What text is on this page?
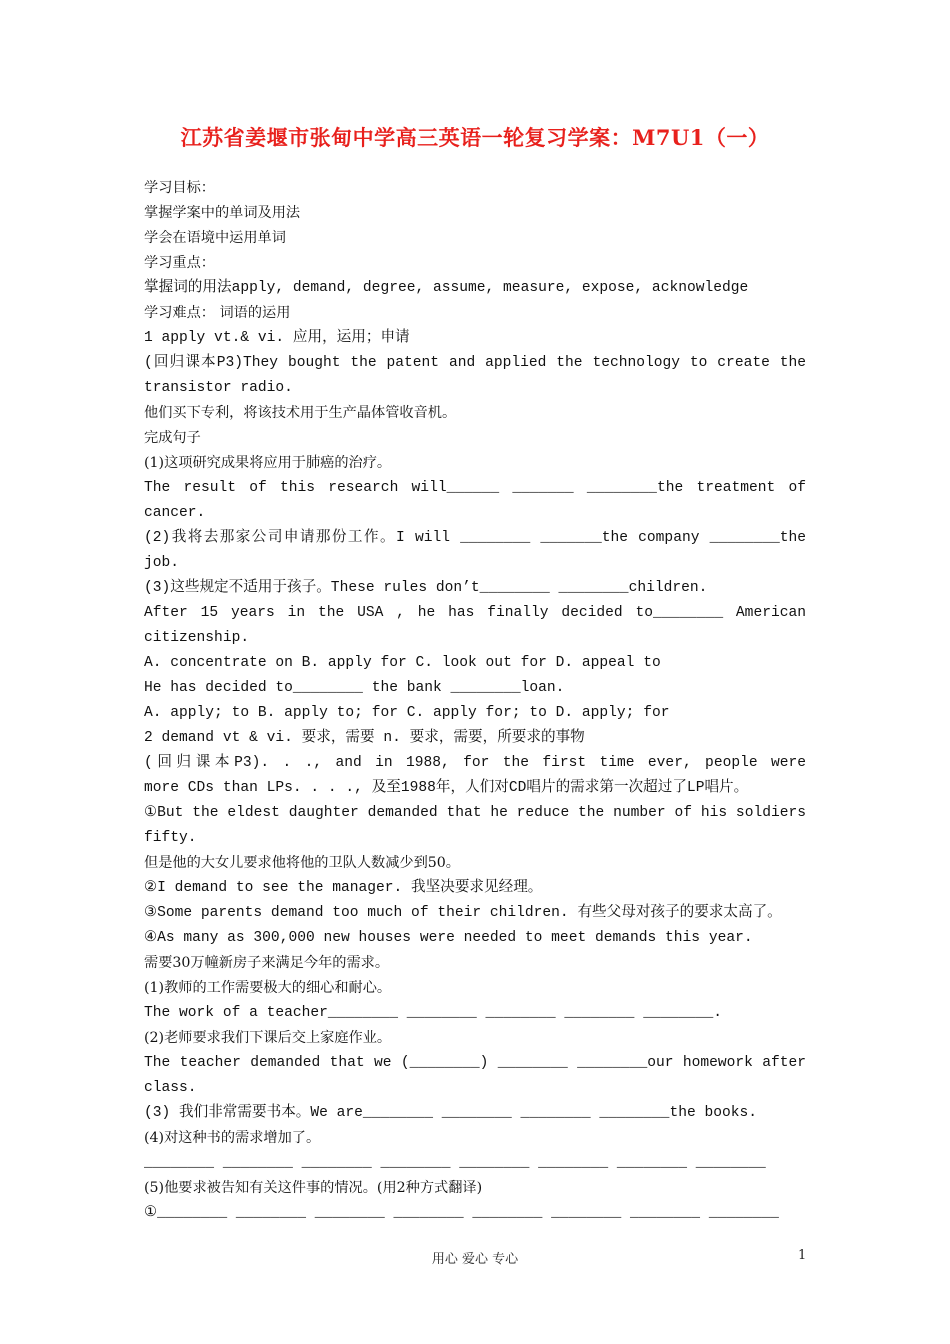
江苏省姜堰市张甸中学高三英语一轮复习学案：M7U1（一）
学习目标：
掌握学案中的单词及用法
学会在语境中运用单词
学习重点：
掌握词的用法apply, demand, degree, assume, measure, expose, acknowledge
学习难点： 词语的运用
1 apply vt.& vi. 应用，运用；申请
(回归课本P3)They bought the patent and applied the technology to create the
transistor radio.
他们买下专利，将该技术用于生产晶体管收音机。
完成句子
(1)这项研究成果将应用于肺癌的治疗。
The result of this research will______ _______ ________the treatment of
cancer.
(2)我将去那家公司申请那份工作。I will ________ _______the company ________the
job.
(3)这些规定不适用于孩子。These rules don’t________ ________children.
After 15 years in the USA , he has finally decided to________ American
citizenship.
A. concentrate on B. apply for C. look out for D. appeal to
He has decided to________ the bank ________loan.
A. apply; to B. apply to; for C. apply for; to D. apply; for
2 demand vt & vi. 要求，需要 n. 要求，需要，所要求的事物
(回归课本P3). . ., and in 1988, for the first time ever, people were
more CDs than LPs. . . ., 及至1988年，人们对CD唱片的需求第一次超过了LP唱片。
①But the eldest daughter demanded that he reduce the number of his soldiers
fifty.
但是他的大女儿要求他将他的卫队人数减少到50。
②I demand to see the manager. 我坚决要求见经理。
③Some parents demand too much of their children. 有些父母对孩子的要求太高了。
④As many as 300,000 new houses were needed to meet demands this year.
需要30万幢新房子来满足今年的需求。
(1)教师的工作需要极大的细心和耐心。
The work of a teacher________ ________ ________ ________ ________.
(2)老师要求我们下课后交上家庭作业。
The teacher demanded that we (________) ________ ________our homework after
class.
(3) 我们非常需要书本。We are________ ________ ________ ________the books.
(4)对这种书的需求增加了。
________ ________ ________ ________ ________ ________ ________ ________
(5)他要求被告知有关这件事的情况。(用2种方式翻译)
①________ ________ ________ ________ ________ ________ ________ ________
用心 爱心 专心	1
